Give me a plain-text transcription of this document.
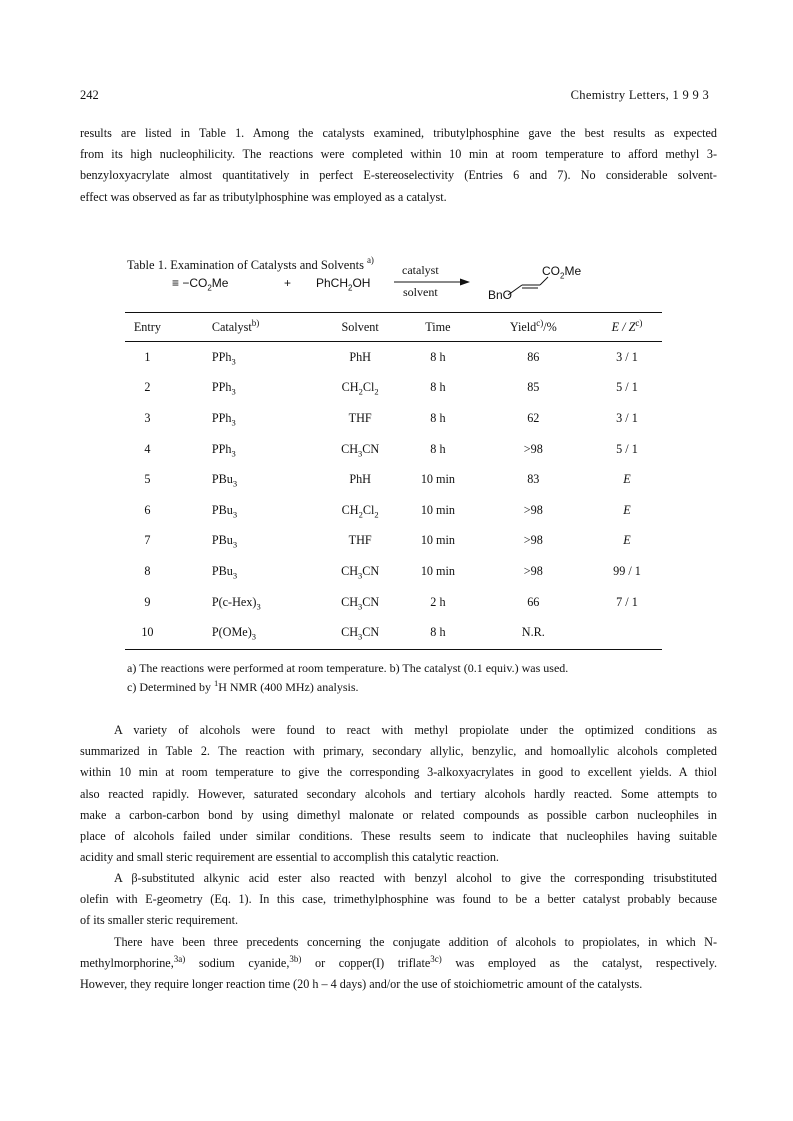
242	Chemistry Letters, 1 9 9 3
results are listed in Table 1. Among the catalysts examined, tributylphosphine gave the best results as expected
from its high nucleophilicity. The reactions were completed within 10 min at room temperature to afford methyl 3-
benzyloxyacrylate almost quantitatively in perfect E-stereoselectivity (Entries 6 and 7). No considerable solvent-
effect was observed as far as tributylphosphine was employed as a catalyst.
Table 1. Examination of Catalysts and Solvents $^{a)}$
≡ $-CO_2Me$	+ PhCH$_2$OH
catalyst
solvent
$CO_2Me$
BnO
Entry	Catalyst$^{b)}$	Solvent	Time	Yield$^{c)}$/%	E / $Z^{c)}$
1	PPh$_3$	PhH	8 h	86	3 / 1
2	PPh$_3$	$CH_2Cl_2$	8 h	85	5 / 1
3	PPh$_3$	THF	8 h	62	3 / 1
4	PPh$_3$	$CH_3CN$	8 h	>98	5 / 1
5	PBu$_3$	PhH	10 min	83	E
6	PBu$_3$	$CH_2Cl_2$	10 min	>98	E
7	PBu$_3$	THF	10 min	>98	E
8	PBu$_3$	$CH_3CN$	10 min	>98	99 / 1
9	$P(c-Hex)_3$	$CH_3CN$	2 h	66	7 / 1
10	$P(OMe)_3$	$CH_3CN$	8 h	N.R.	
a) The reactions were performed at room temperature. b) The catalyst (0.1 equiv.) was used.
c) Determined by $^1$H NMR (400 MHz) analysis.
A variety of alcohols were found to react with methyl propiolate under the optimized conditions as
summarized in Table 2. The reaction with primary, secondary allylic, benzylic, and homoallylic alcohols completed
within 10 min at room temperature to give the corresponding 3-alkoxyacrylates in good to excellent yields. A thiol
also reacted rapidly. However, saturated secondary alcohols and tertiary alcohols hardly reacted. Some attempts to
make a carbon-carbon bond by using dimethyl malonate or related compounds as possible carbon nucleophiles in
place of alcohols failed under similar conditions. These results seem to indicate that nucleophiles having suitable
acidity and small steric requirement are essential to accomplish this catalytic reaction.
A β-substituted alkynic acid ester also reacted with benzyl alcohol to give the corresponding trisubstituted
olefin with E-geometry (Eq. 1). In this case, trimethylphosphine was found to be a better catalyst probably because
of its smaller steric requirement.
There have been three precedents concerning the conjugate addition of alcohols to propiolates, in which N-
methylmorphorine,$^{3a)}$ sodium cyanide,$^{3b)}$ or copper(I) triflate$^{3c)}$ was employed as the catalyst, respectively.
However, they require longer reaction time (20 h – 4 days) and/or the use of stoichiometric amount of the catalysts.
